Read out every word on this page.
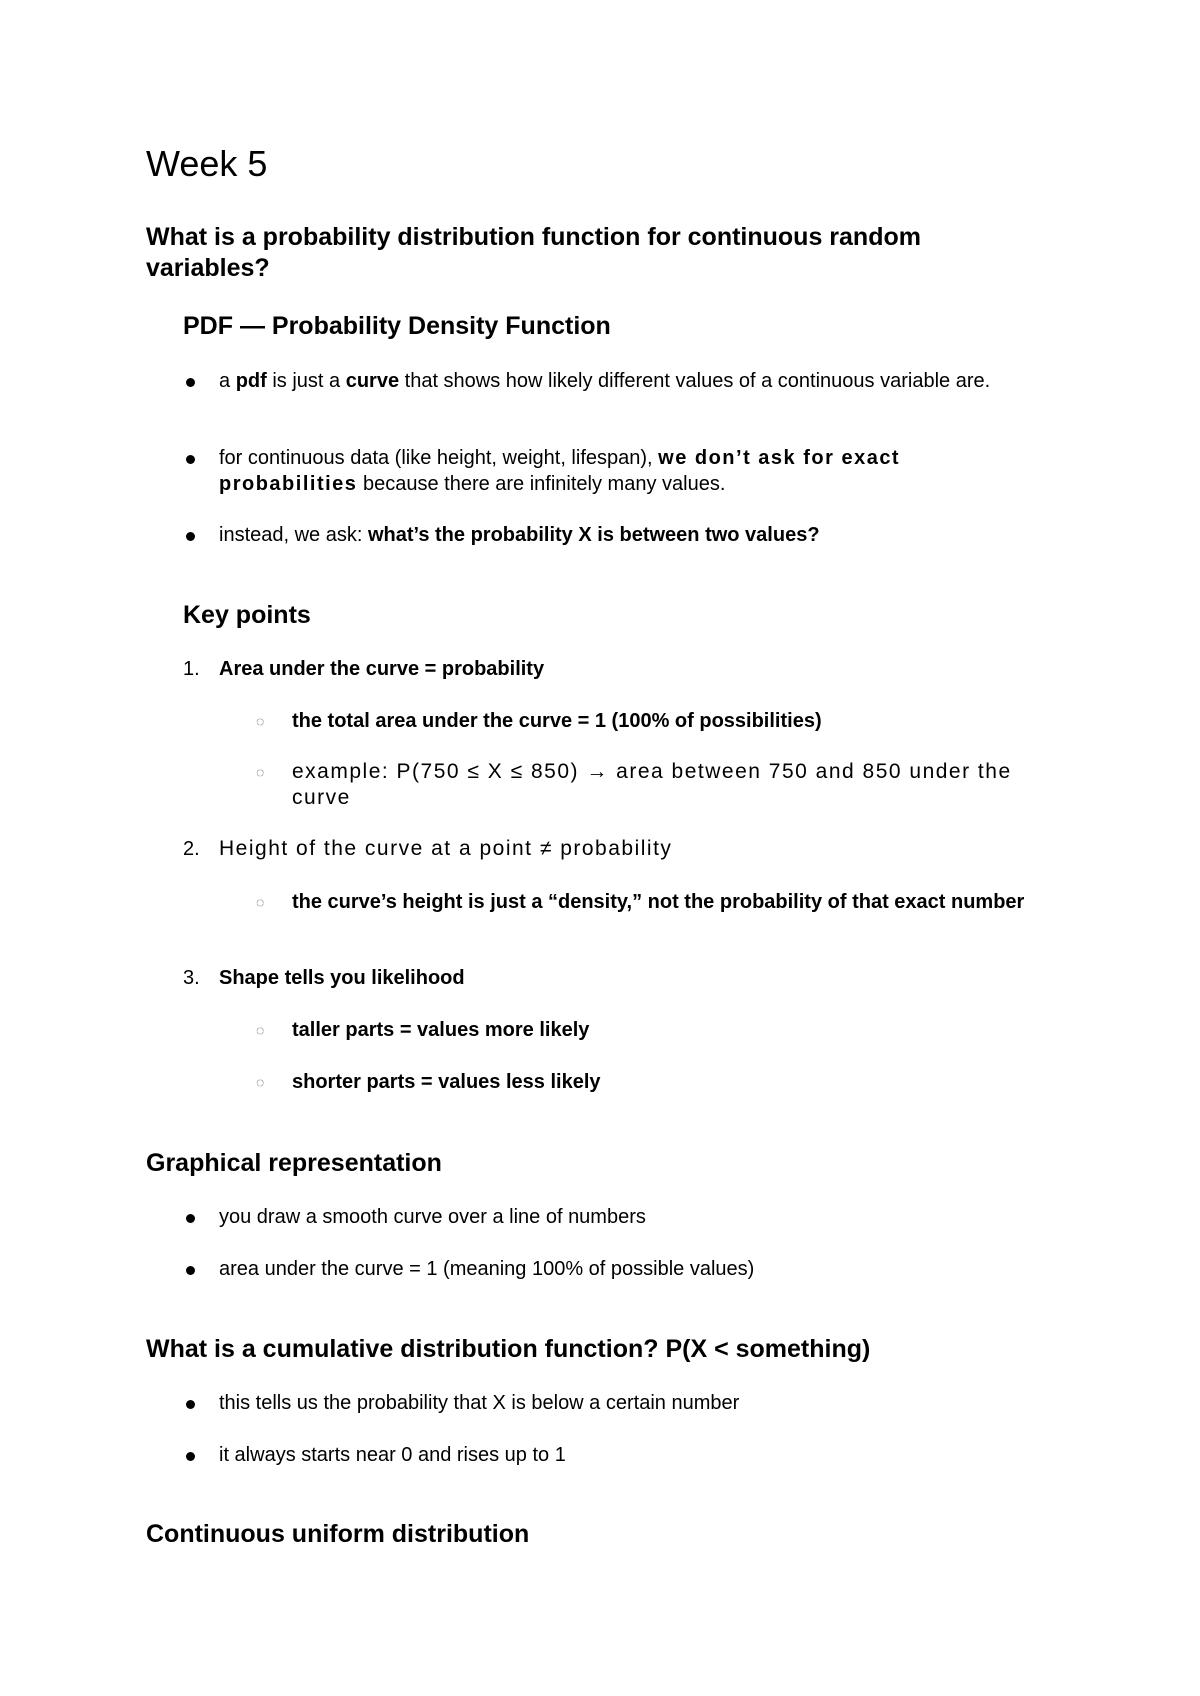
Week 5
What is a probability distribution function for continuous random variables?
PDF — Probability Density Function
a pdf is just a curve that shows how likely different values of a continuous variable are.
for continuous data (like height, weight, lifespan), we don’t ask for exact probabilities because there are infinitely many values.
instead, we ask: what’s the probability X is between two values?
Key points
1. Area under the curve = probability
◌ the total area under the curve = 1 (100% of possibilities)
◌ example: P(750 ≤ X ≤ 850) → area between 750 and 850 under the curve
2. Height of the curve at a point ≠ probability
◌ the curve’s height is just a “density,” not the probability of that exact number
3. Shape tells you likelihood
◌ taller parts = values more likely
◌ shorter parts = values less likely
Graphical representation
you draw a smooth curve over a line of numbers
area under the curve = 1 (meaning 100% of possible values)
What is a cumulative distribution function? P(X < something)
this tells us the probability that X is below a certain number
it always starts near 0 and rises up to 1
Continuous uniform distribution
